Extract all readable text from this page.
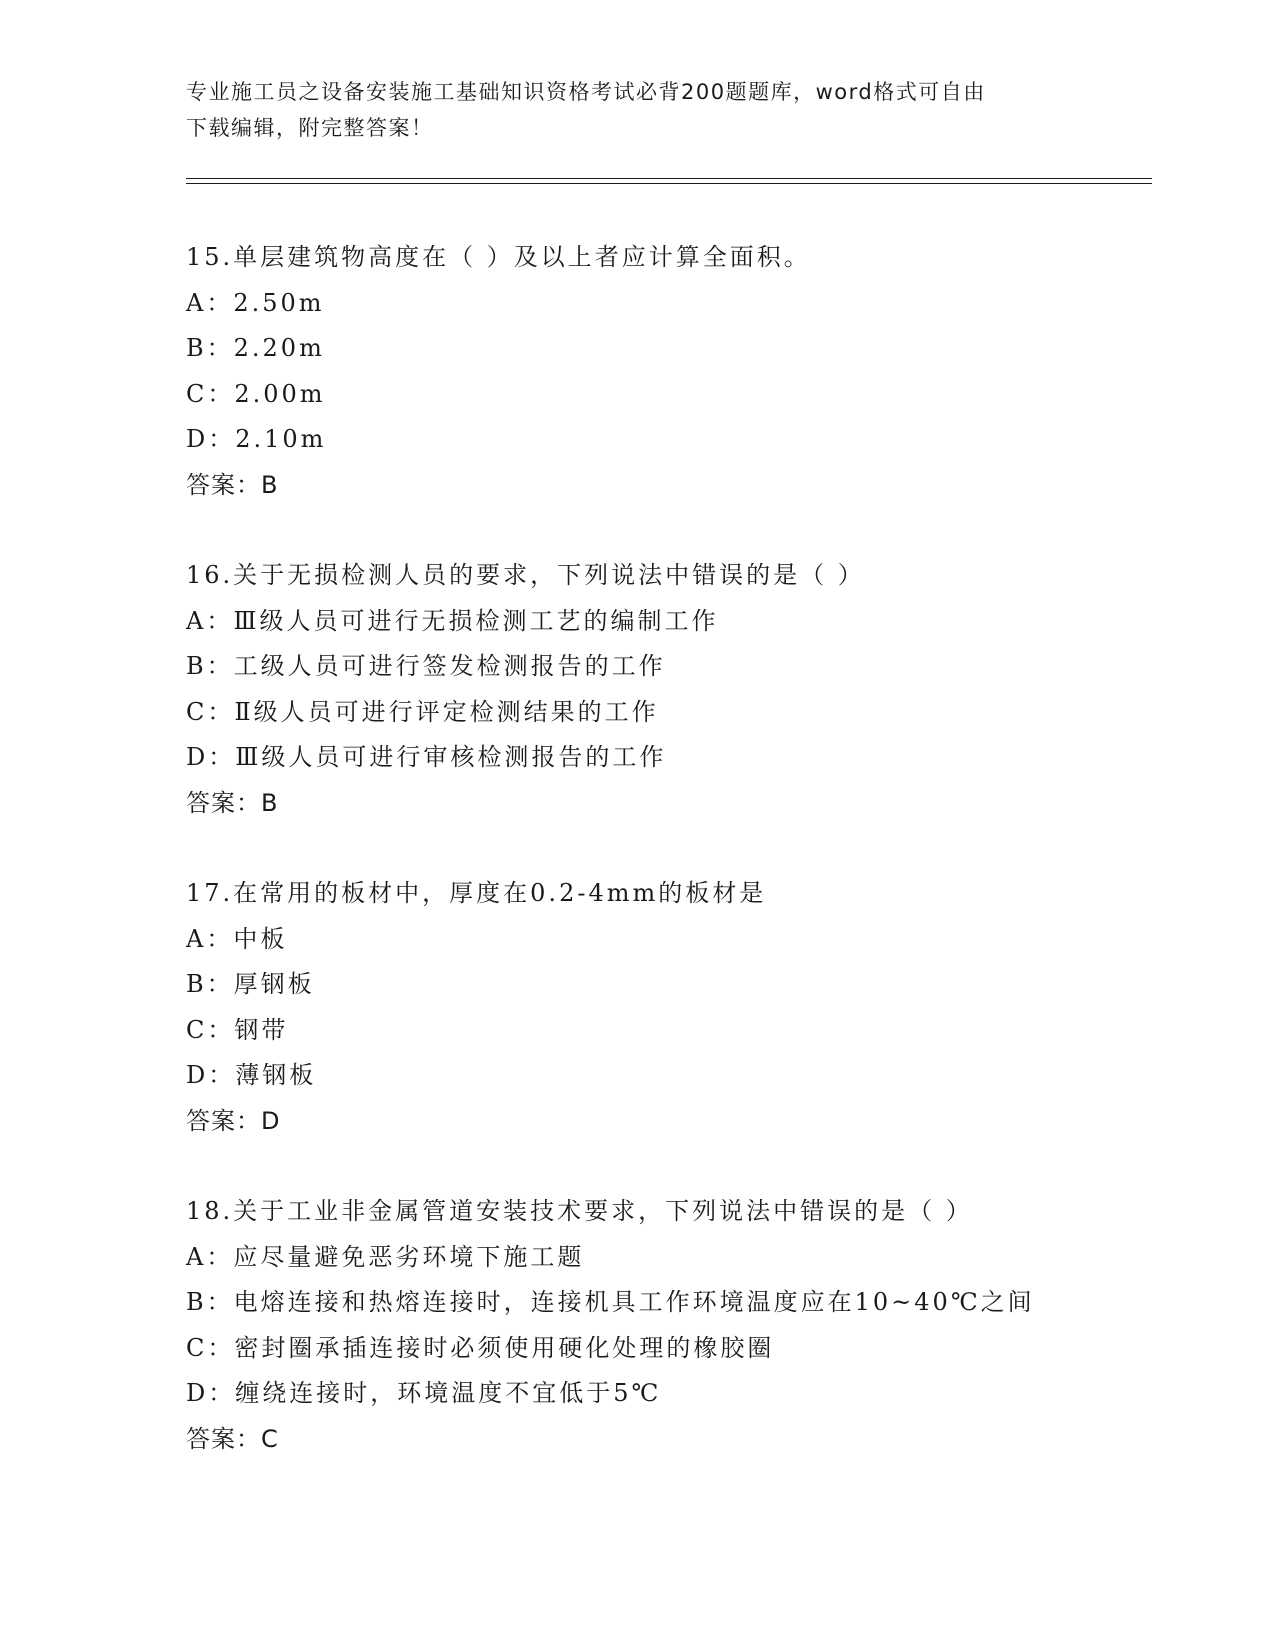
专业施工员之设备安装施工基础知识资格考试必背200题题库，word格式可自由
下载编辑，附完整答案！
15.单层建筑物高度在（ ）及以上者应计算全面积。
A：2.50m
B：2.20m
C：2.00m
D：2.10m
答案：B
16.关于无损检测人员的要求，下列说法中错误的是（ ）
A：Ⅲ级人员可进行无损检测工艺的编制工作
B：工级人员可进行签发检测报告的工作
C：Ⅱ级人员可进行评定检测结果的工作
D：Ⅲ级人员可进行审核检测报告的工作
答案：B
17.在常用的板材中，厚度在0.2-4mm的板材是
A：中板
B：厚钢板
C：钢带
D：薄钢板
答案：D
18.关于工业非金属管道安装技术要求，下列说法中错误的是（ ）
A：应尽量避免恶劣环境下施工题
B：电熔连接和热熔连接时，连接机具工作环境温度应在10~40℃之间
C：密封圈承插连接时必须使用硬化处理的橡胶圈
D：缠绕连接时，环境温度不宜低于5℃
答案：C
